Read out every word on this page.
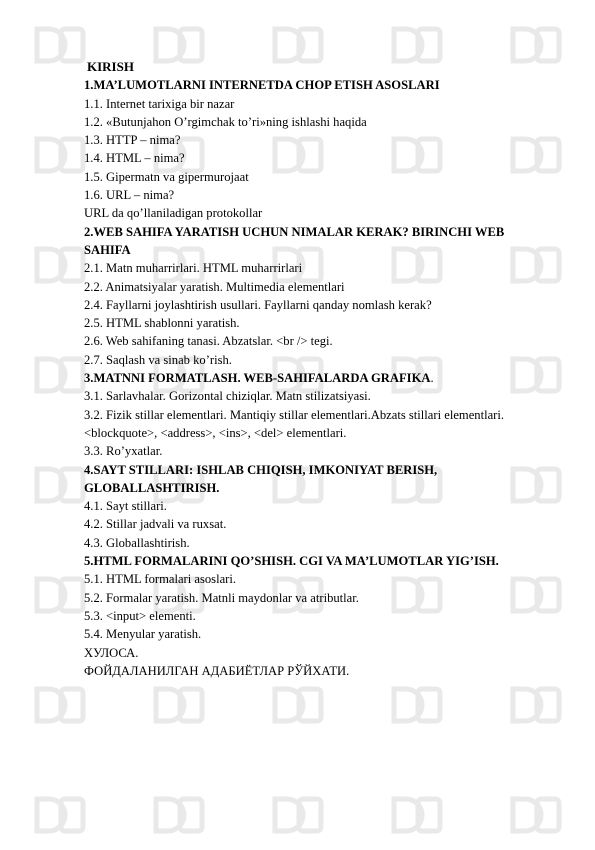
KIRISH
1.MA’LUMOTLARNI INTERNETDA CHOP ETISH ASOSLARI
1.1. Internet tarixiga bir nazar
1.2. «Butunjahon O’rgimchak to’ri»ning ishlashi haqida
1.3. HTTP – nima?
1.4. HTML – nima?
1.5. Gipermatn va gipermurojaat
1.6. URL – nima?
URL da qo’llaniladigan protokollar
2.WEB SAHIFA YARATISH UCHUN NIMALAR KERAK? BIRINCHI WEB SAHIFA
2.1. Matn muharrirlari. HTML muharrirlari
2.2. Animatsiyalar yaratish. Multimedia elementlari
2.4. Fayllarni joylashtirish usullari. Fayllarni qanday nomlash kerak?
2.5. HTML shablonni yaratish.
2.6. Web sahifaning tanasi. Abzatslar. <br /> tegi.
2.7. Saqlash va sinab ko’rish.
3.MATNNI FORMATLASH. WEB-SAHIFALARDA GRAFIKA.
3.1. Sarlavhalar. Gorizontal chiziqlar. Matn stilizatsiyasi.
3.2. Fizik stillar elementlari. Mantiqiy stillar elementlari.Abzats stillari elementlari. <blockquote>, <address>, <ins>, <del> elementlari.
3.3. Ro’yxatlar.
4.SAYT STILLARI: ISHLAB CHIQISH, IMKONIYAT BERISH, GLOBALLASHTIRISH.
4.1. Sayt stillari.
4.2. Stillar jadvali va ruxsat.
4.3. Globallashtirish.
5.HTML FORMALARINI QO’SHISH. CGI VA MA’LUMOTLAR YIG’ISH.
5.1. HTML formalari asoslari.
5.2. Formalar yaratish. Matnli maydonlar va atributlar.
5.3. <input> elementi.
5.4. Menyular yaratish.
ХУЛОСА.
ФОЙДАЛАНИЛГАН АДАБИЁТЛАР РЎЙХАТИ.
